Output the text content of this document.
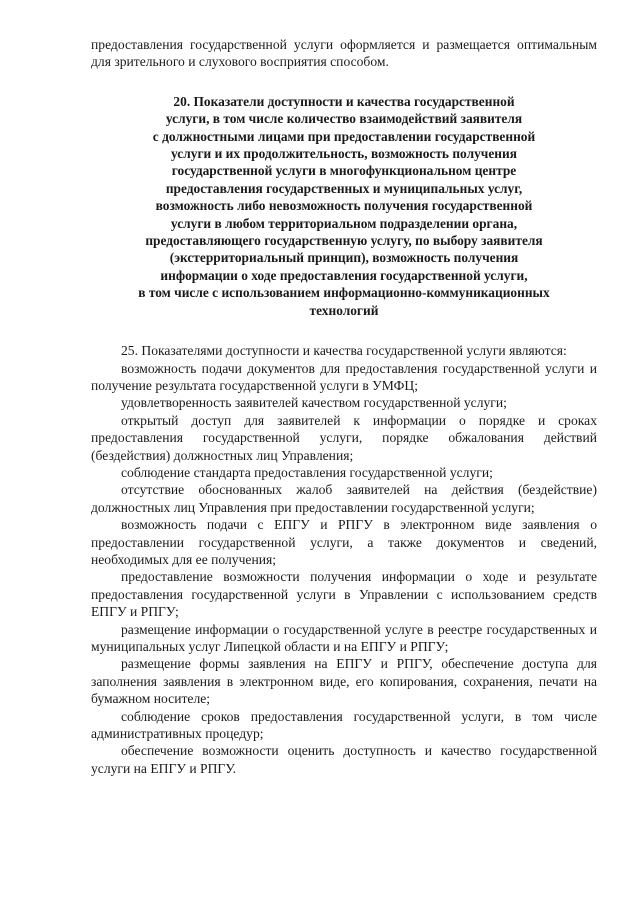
предоставления государственной услуги оформляется и размещается оптимальным для зрительного и слухового восприятия способом.

20. Показатели доступности и качества государственной
услуги, в том числе количество взаимодействий заявителя
с должностными лицами при предоставлении государственной
услуги и их продолжительность, возможность получения
государственной услуги в многофункциональном центре
предоставления государственных и муниципальных услуг,
возможность либо невозможность получения государственной
услуги в любом территориальном подразделении органа,
предоставляющего государственную услугу, по выбору заявителя
(экстерриториальный принцип), возможность получения
информации о ходе предоставления государственной услуги,
в том числе с использованием информационно-коммуникационных
технологий

25. Показателями доступности и качества государственной услуги являются:

возможность подачи документов для предоставления государственной услуги и получение результата государственной услуги в УМФЦ;

удовлетворенность заявителей качеством государственной услуги;

открытый доступ для заявителей к информации о порядке и сроках предоставления государственной услуги, порядке обжалования действий (бездействия) должностных лиц Управления;

соблюдение стандарта предоставления государственной услуги;

отсутствие обоснованных жалоб заявителей на действия (бездействие) должностных лиц Управления при предоставлении государственной услуги;

возможность подачи с ЕПГУ и РПГУ в электронном виде заявления о предоставлении государственной услуги, а также документов и сведений, необходимых для ее получения;

предоставление возможности получения информации о ходе и результате предоставления государственной услуги в Управлении с использованием средств ЕПГУ и РПГУ;

размещение информации о государственной услуге в реестре государственных и муниципальных услуг Липецкой области и на ЕПГУ и РПГУ;

размещение формы заявления на ЕПГУ и РПГУ, обеспечение доступа для заполнения заявления в электронном виде, его копирования, сохранения, печати на бумажном носителе;

соблюдение сроков предоставления государственной услуги, в том числе административных процедур;

обеспечение возможности оценить доступность и качество государственной услуги на ЕПГУ и РПГУ.
